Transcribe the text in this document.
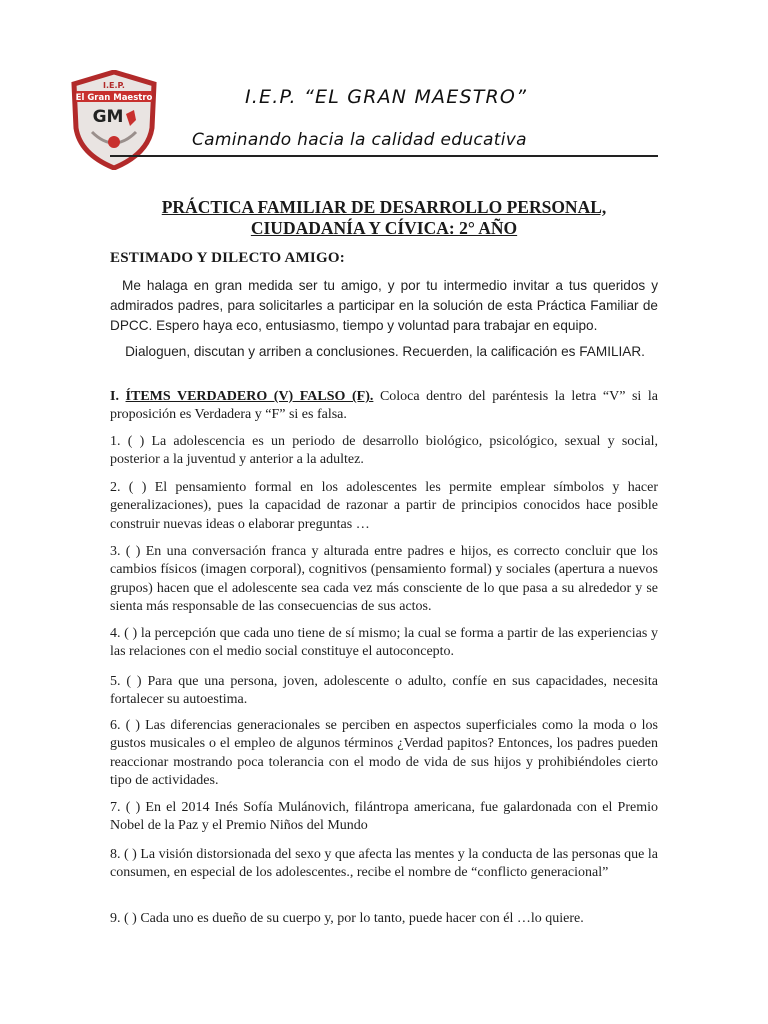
I.E.P.
El Gran Maestro
GM
I.E.P. “EL GRAN MAESTRO”
Caminando hacia la calidad educativa
PRÁCTICA FAMILIAR DE DESARROLLO PERSONAL,
CIUDADANÍA Y CÍVICA: 2° AÑO
ESTIMADO Y DILECTO AMIGO:
Me halaga en gran medida ser tu amigo, y por tu intermedio invitar a tus queridos y admirados padres, para solicitarles a participar en la solución de esta Práctica Familiar de DPCC. Espero haya eco, entusiasmo, tiempo y voluntad para trabajar en equipo.
Dialoguen, discutan y arriben a conclusiones. Recuerden, la calificación es FAMILIAR.
I. ÍTEMS VERDADERO (V) FALSO (F). Coloca dentro del paréntesis la letra “V” si la proposición es Verdadera y “F” si es falsa.
1. ( ) La adolescencia es un periodo de desarrollo biológico, psicológico, sexual y social, posterior a la juventud y anterior a la adultez.
2. ( ) El pensamiento formal en los adolescentes les permite emplear símbolos y hacer generalizaciones), pues la capacidad de razonar a partir de principios conocidos hace posible construir nuevas ideas o elaborar preguntas …
3. ( ) En una conversación franca y alturada entre padres e hijos, es correcto concluir que los cambios físicos (imagen corporal), cognitivos (pensamiento formal) y sociales (apertura a nuevos grupos) hacen que el adolescente sea cada vez más consciente de lo que pasa a su alrededor y se sienta más responsable de las consecuencias de sus actos.
4. ( ) la percepción que cada uno tiene de sí mismo; la cual se forma a partir de las experiencias y las relaciones con el medio social constituye el autoconcepto.
5. ( ) Para que una persona, joven, adolescente o adulto, confíe en sus capacidades, necesita fortalecer su autoestima.
6. ( ) Las diferencias generacionales se perciben en aspectos superficiales como la moda o los gustos musicales o el empleo de algunos términos ¿Verdad papitos? Entonces, los padres pueden reaccionar mostrando poca tolerancia con el modo de vida de sus hijos y prohibiéndoles cierto tipo de actividades.
7. ( ) En el 2014 Inés Sofía Mulánovich, filántropa americana, fue galardonada con el Premio Nobel de la Paz y el Premio Niños del Mundo
8. ( ) La visión distorsionada del sexo y que afecta las mentes y la conducta de las personas que la consumen, en especial de los adolescentes., recibe el nombre de “conflicto generacional”
9. ( ) Cada uno es dueño de su cuerpo y, por lo tanto, puede hacer con él …lo quiere.
